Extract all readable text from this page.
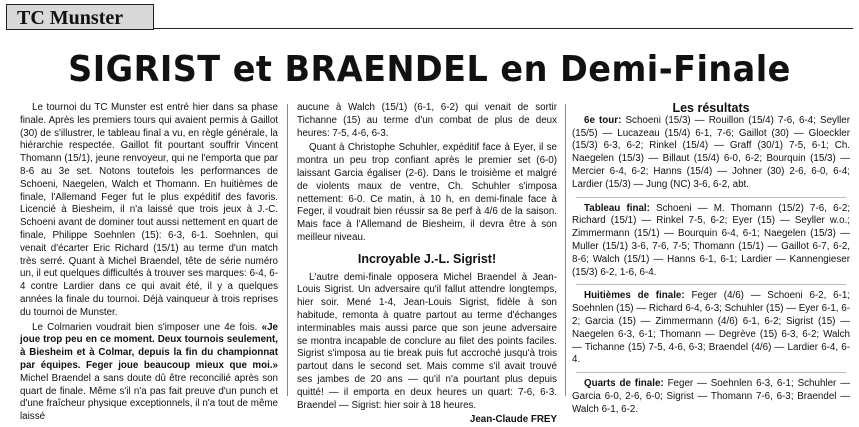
TC Munster
SIGRIST et BRAENDEL en Demi-Finale

Le tournoi du TC Munster est entré hier dans sa phase finale. Après les premiers tours qui avaient permis à Gaillot (30) de s'illustrer, le tableau final a vu, en règle générale, la hiérarchie respectée. Gaillot fit pourtant souffrir Vincent Thomann (15/1), jeune renvoyeur, qui ne l'emporta que par 8-6 au 3e set. Notons toutefois les performances de Schoeni, Naegelen, Walch et Thomann. En huitièmes de finale, l'Allemand Feger fut le plus expéditif des favoris. Licencié à Biesheim, il n'a laissé que trois jeux à J.-C. Schoeni avant de dominer tout aussi nettement en quart de finale, Philippe Soehnlen (15): 6-3, 6-1. Soehnlen, qui venait d'écarter Eric Richard (15/1) au terme d'un match très serré. Quant à Michel Braendel, tête de série numéro un, il eut quelques difficultés à trouver ses marques: 6-4, 6-4 contre Lardier dans ce qui avait été, il y a quelques années la finale du tournoi. Déjà vainqueur à trois reprises du tournoi de Munster.

Le Colmarien voudrait bien s'imposer une 4e fois. «Je joue trop peu en ce moment. Deux tournois seulement, à Biesheim et à Colmar, depuis la fin du championnat par équipes. Feger joue beaucoup mieux que moi.» Michel Braendel a sans doute dû être reconcilié après son quart de finale. Même s'il n'a pas fait preuve d'un punch et d'une fraîcheur physique exceptionnels, il n'a tout de même laissé

aucune à Walch (15/1) (6-1, 6-2) qui venait de sortir Tichanne (15) au terme d'un combat de plus de deux heures: 7-5, 4-6, 6-3.

Quant à Christophe Schuhler, expéditif face à Eyer, il se montra un peu trop confiant après le premier set (6-0) laissant Garcia égaliser (2-6). Dans le troisième et malgré de violents maux de ventre, Ch. Schuhler s'imposa nettement: 6-0. Ce matin, à 10 h, en demi-finale face à Feger, il voudrait bien réussir sa 8e perf à 4/6 de la saison. Mais face à l'Allemand de Biesheim, il devra être à son meilleur niveau.

Incroyable J.-L. Sigrist!

L'autre demi-finale opposera Michel Braendel à Jean-Louis Sigrist. Un adversaire qu'il fallut attendre longtemps, hier soir. Mené 1-4, Jean-Louis Sigrist, fidèle à son habitude, remonta à quatre partout au terme d'échanges interminables mais aussi parce que son jeune adversaire se montra incapable de conclure au filet des points faciles. Sigrist s'imposa au tie break puis fut accroché jusqu'à trois partout dans le second set. Mais comme s'il avait trouvé ses jambes de 20 ans — qu'il n'a pourtant plus depuis quitté! — il emporta en deux heures un quart: 7-6, 6-3. Braendel — Sigrist: hier soir à 18 heures.

Jean-Claude FREY

Les résultats

6e tour: Schoeni (15/3) — Rouillon (15/4) 7-6, 6-4; Seyller (15/5) — Lucazeau (15/4) 6-1, 7-6; Gaillot (30) — Gloeckler (15/3) 6-3, 6-2; Rinkel (15/4) — Graff (30/1) 7-5, 6-1; Ch. Naegelen (15/3) — Billaut (15/4) 6-0, 6-2; Bourquin (15/3) — Mercier 6-4, 6-2; Hanns (15/4) — Johner (30) 2-6, 6-0, 6-4; Lardier (15/3) — Jung (NC) 3-6, 6-2, abt.

Tableau final: Schoeni — M. Thomann (15/2) 7-6, 6-2; Richard (15/1) — Rinkel 7-5, 6-2; Eyer (15) — Seyller w.o.; Zimmermann (15/1) — Bourquin 6-4, 6-1; Naegelen (15/3) — Muller (15/1) 3-6, 7-6, 7-5; Thomann (15/1) — Gaillot 6-7, 6-2, 8-6; Walch (15/1) — Hanns 6-1, 6-1; Lardier — Kannengieser (15/3) 6-2, 1-6, 6-4.

Huitièmes de finale: Feger (4/6) — Schoeni 6-2, 6-1; Soehnlen (15) — Richard 6-4, 6-3; Schuhler (15) — Eyer 6-1, 6-2; Garcia (15) — Zimmermann (4/6) 6-1, 6-2; Sigrist (15) — Naegelen 6-3, 6-1; Thomann — Degrève (15) 6-3, 6-2; Walch — Tichanne (15) 7-5, 4-6, 6-3; Braendel (4/6) — Lardier 6-4, 6-4.

Quarts de finale: Feger — Soehnlen 6-3, 6-1; Schuhler — Garcia 6-0, 2-6, 6-0; Sigrist — Thomann 7-6, 6-3; Braendel — Walch 6-1, 6-2.
